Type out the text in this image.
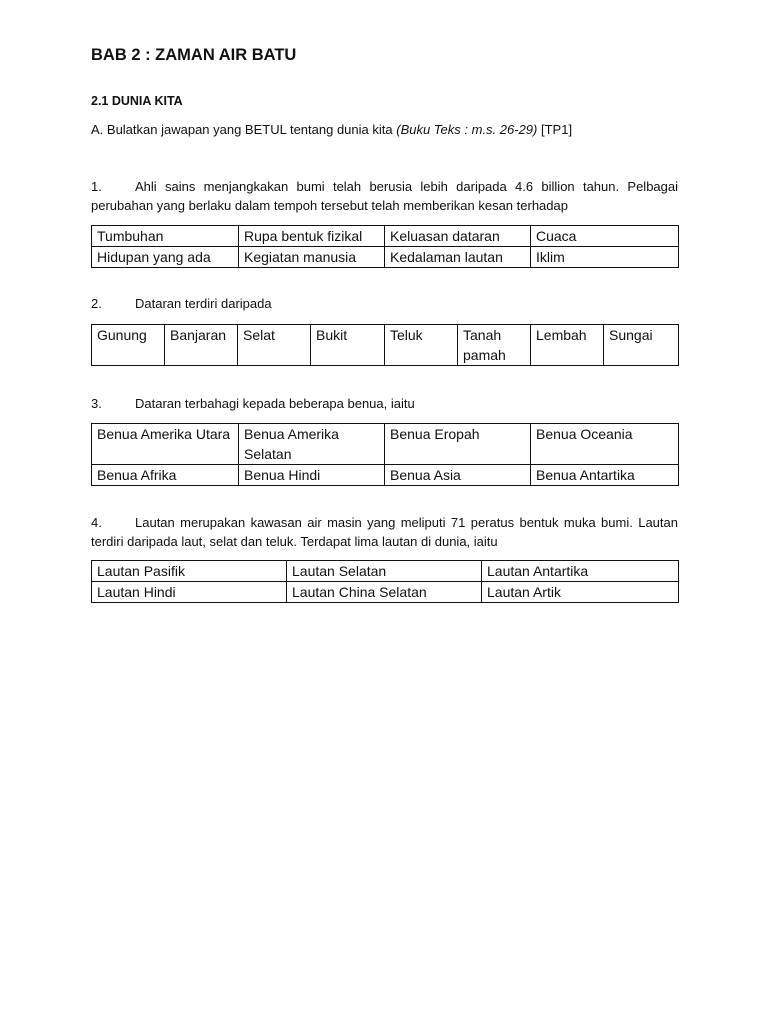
BAB 2 : ZAMAN AIR BATU
2.1 DUNIA KITA
A. Bulatkan jawapan yang BETUL tentang dunia kita (Buku Teks : m.s. 26-29) [TP1]
1.	Ahli sains menjangkakan bumi telah berusia lebih daripada 4.6 billion tahun. Pelbagai perubahan yang berlaku dalam tempoh tersebut telah memberikan kesan terhadap
Tumbuhan	Rupa bentuk fizikal	Keluasan dataran	Cuaca
Hidupan yang ada	Kegiatan manusia	Kedalaman lautan	Iklim
2.	Dataran terdiri daripada
Gunung	Banjaran	Selat	Bukit	Teluk	Tanah pamah	Lembah	Sungai
3.	Dataran terbahagi kepada beberapa benua, iaitu
Benua Amerika Utara	Benua Amerika Selatan	Benua Eropah	Benua Oceania
Benua Afrika	Benua Hindi	Benua Asia	Benua Antartika
4.	Lautan merupakan kawasan air masin yang meliputi 71 peratus bentuk muka bumi. Lautan terdiri daripada laut, selat dan teluk. Terdapat lima lautan di dunia, iaitu
Lautan Pasifik	Lautan Selatan	Lautan Antartika
Lautan Hindi	Lautan China Selatan	Lautan Artik
